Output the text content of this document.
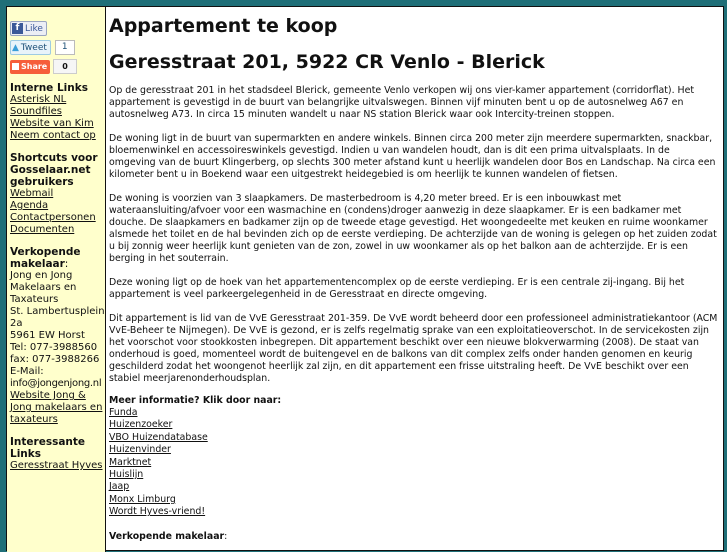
f Like
▲ Tweet	1
Share	0
Interne Links
Asterisk NL
Soundfiles
Website van Kim
Neem contact op
Shortcuts voor Gosselaar.net gebruikers
Webmail
Agenda
Contactpersonen
Documenten
Verkopende makelaar:
Jong en Jong
Makelaars en
Taxateurs
St. Lambertusplein
2a
5961 EW Horst
Tel: 077-3988560
fax: 077-3988266
E-Mail:
info@jongenjong.nl
Website Jong & Jong makelaars en taxateurs
Interessante Links
Geresstraat Hyves
Appartement te koop
Geresstraat 201, 5922 CR Venlo - Blerick

Op de geresstraat 201 in het stadsdeel Blerick, gemeente Venlo verkopen wij ons vier-kamer appartement (corridorflat). Het appartement is gevestigd in de buurt van belangrijke uitvalswegen. Binnen vijf minuten bent u op de autosnelweg A67 en autosnelweg A73. In circa 15 minuten wandelt u naar NS station Blerick waar ook Intercity-treinen stoppen.

De woning ligt in de buurt van supermarkten en andere winkels. Binnen circa 200 meter zijn meerdere supermarkten, snackbar, bloemenwinkel en accessoireswinkels gevestigd. Indien u van wandelen houdt, dan is dit een prima uitvalsplaats. In de omgeving van de buurt Klingerberg, op slechts 300 meter afstand kunt u heerlijk wandelen door Bos en Landschap. Na circa een kilometer bent u in Boekend waar een uitgestrekt heidegebied is om heerlijk te kunnen wandelen of fietsen.

De woning is voorzien van 3 slaapkamers. De masterbedroom is 4,20 meter breed. Er is een inbouwkast met wateraansluiting/afvoer voor een wasmachine en (condens)droger aanwezig in deze slaapkamer. Er is een badkamer met douche. De slaapkamers en badkamer zijn op de tweede etage gevestigd. Het woongedeelte met keuken en ruime woonkamer alsmede het toilet en de hal bevinden zich op de eerste verdieping. De achterzijde van de woning is gelegen op het zuiden zodat u bij zonnig weer heerlijk kunt genieten van de zon, zowel in uw woonkamer als op het balkon aan de achterzijde. Er is een berging in het souterrain.

Deze woning ligt op de hoek van het appartementencomplex op de eerste verdieping. Er is een centrale zij-ingang. Bij het appartement is veel parkeergelegenheid in de Geresstraat en directe omgeving.

Dit appartement is lid van de VvE Geresstraat 201-359. De VvE wordt beheerd door een professioneel administratiekantoor (ACM VvE-Beheer te Nijmegen). De VvE is gezond, er is zelfs regelmatig sprake van een exploitatieoverschot. In de servicekosten zijn het voorschot voor stookkosten inbegrepen. Dit appartement beschikt over een nieuwe blokverwarming (2008). De staat van onderhoud is goed, momenteel wordt de buitengevel en de balkons van dit complex zelfs onder handen genomen en keurig geschilderd zodat het woongenot heerlijk zal zijn, en dit appartement een frisse uitstraling heeft. De VvE beschikt over een stabiel meerjarenonderhoudsplan.

Meer informatie? Klik door naar:
Funda
Huizenzoeker
VBO Huizendatabase
Huizenvinder
Marktnet
Huislijn
Jaap
Monx Limburg
Wordt Hyves-vriend!
Verkopende makelaar:
